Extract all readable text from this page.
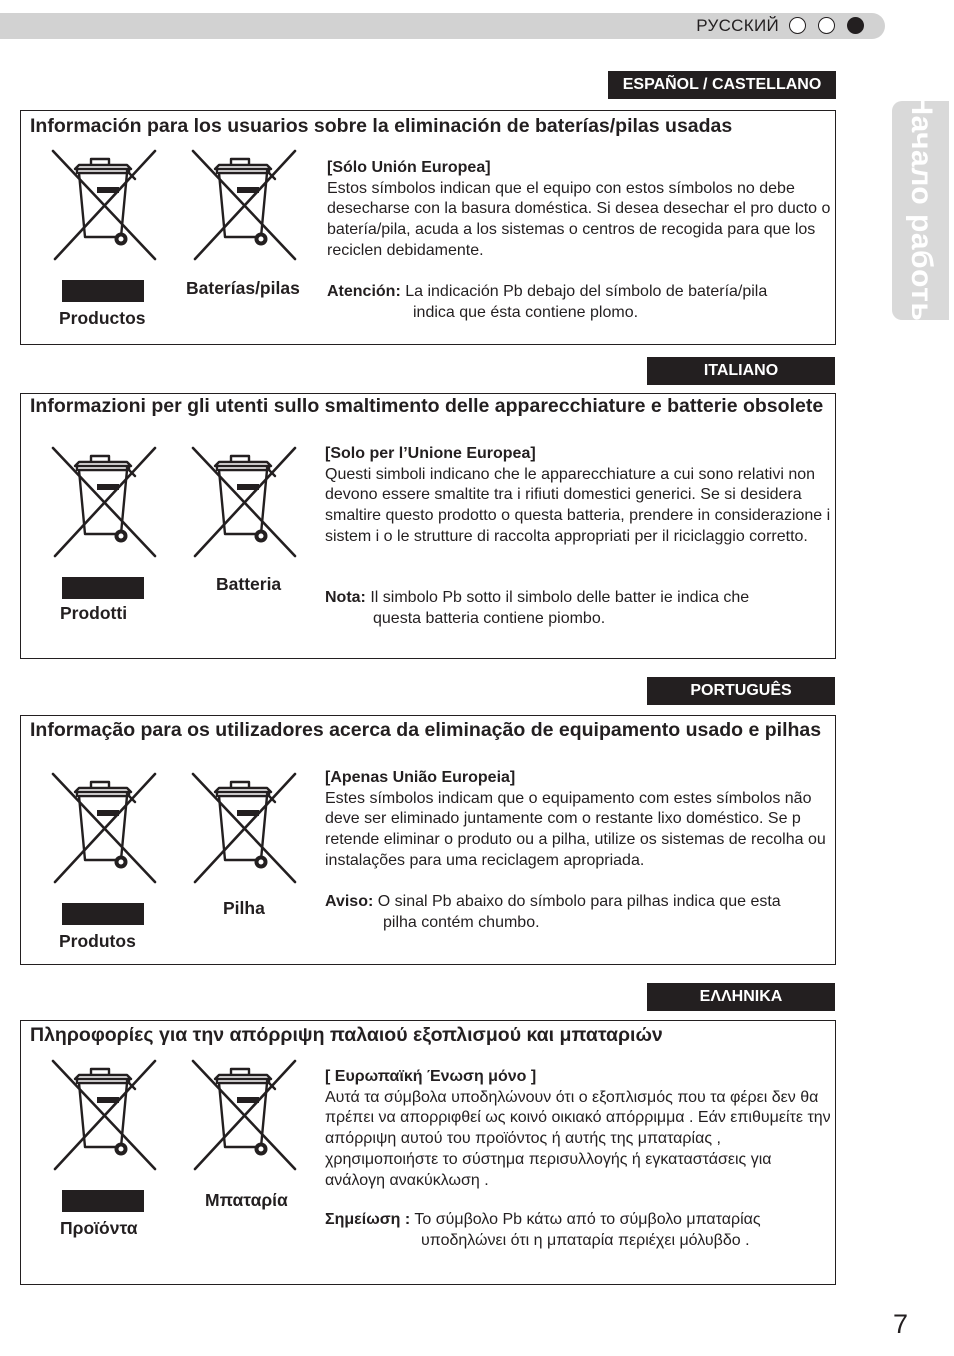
РУССКИЙ
Начало работы
ESPAÑOL / CASTELLANO
Información para los usuarios sobre la eliminación de baterías/pilas usadas
Productos
Baterías/pilas
[Sólo Unión Europea]
Estos símbolos indican que el equipo con estos símbolos no debe desecharse con la basura doméstica. Si desea desechar el pro ducto o batería/pila, acuda a los sistemas o centros de recogida para que los reciclen debidamente.
Atención: La indicación Pb debajo del símbolo de batería/pila
indica que ésta contiene plomo.
ITALIANO
Informazioni per gli utenti sullo smaltimento delle apparecchiature e batterie obsolete
Prodotti
Batteria
[Solo per l’Unione Europea]
Questi simboli indicano che le apparecchiature a cui sono relativi non devono essere smaltite tra i rifiuti domestici generici. Se si desidera smaltire questo prodotto o questa batteria, prendere in considerazione i sistem i o le strutture di raccolta appropriati per il riciclaggio corretto.
Nota: Il simbolo Pb sotto il simbolo delle batter ie indica che
questa batteria contiene piombo.
PORTUGUÊS
Informação para os utilizadores acerca da eliminação de equipamento usado e pilhas
Produtos
Pilha
[Apenas União Europeia]
Estes símbolos indicam que o equipamento com estes símbolos não deve ser eliminado juntamente com o restante lixo doméstico. Se p retende eliminar o produto ou a pilha, utilize os sistemas de recolha ou instalações para uma reciclagem apropriada.
Aviso: O sinal Pb abaixo do símbolo para pilhas indica que esta
pilha contém chumbo.
ΕΛΛΗΝΙΚΑ
Πληροφορίες για την απόρριψη παλαιού εξοπλισμού και μπαταριών
Προϊόντα
Μπαταρία
[ Ευρωπαϊκή Ένωση μόνο ]
Αυτά τα σύμβολα υποδηλώνουν ότι ο εξοπλισμός που τα φέρει δεν θα πρέπει να απορριφθεί ως κοινό οικιακό απόρριμμα . Εάν επιθυμείτε την απόρριψη αυτού του προϊόντος ή αυτής της μπαταρίας , χρησιμοποιήστε το σύστημα περισυλλογής ή εγκαταστάσεις για ανάλογη ανακύκλωση .
Σημείωση : Το σύμβολο Pb κάτω από το σύμβολο μπαταρίας
υποδηλώνει ότι η μπαταρία περιέχει μόλυβδο .
7
